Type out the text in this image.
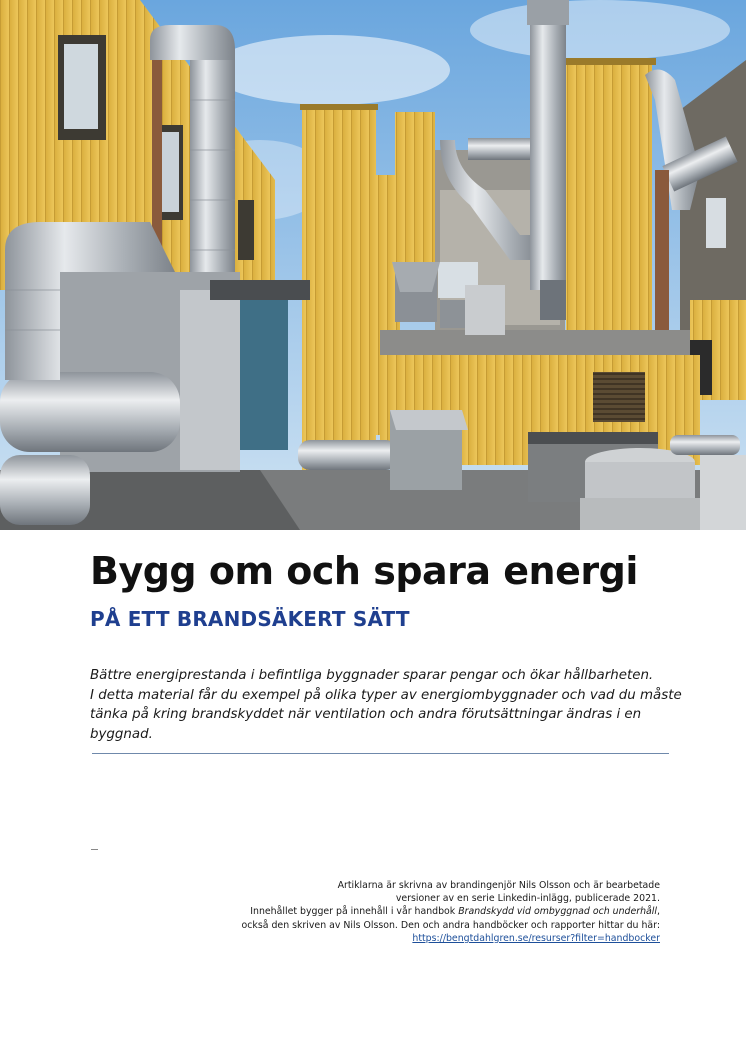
Bygg om och spara energi
PÅ ETT BRANDSÄKERT SÄTT
Bättre energiprestanda i befintliga byggnader sparar pengar och ökar hållbarheten.
I detta material får du exempel på olika typer av energiombyggnader och vad du måste
tänka på kring brandskyddet när ventilation och andra förutsättningar ändras i en
byggnad.
Artiklarna är skrivna av brandingenjör Nils Olsson och är bearbetade
versioner av en serie Linkedin-inlägg, publicerade 2021.
Innehållet bygger på innehåll i vår handbok Brandskydd vid ombyggnad och underhåll,
också den skriven av Nils Olsson. Den och andra handböcker och rapporter hittar du här:
https://bengtdahlgren.se/resurser?filter=handbocker
